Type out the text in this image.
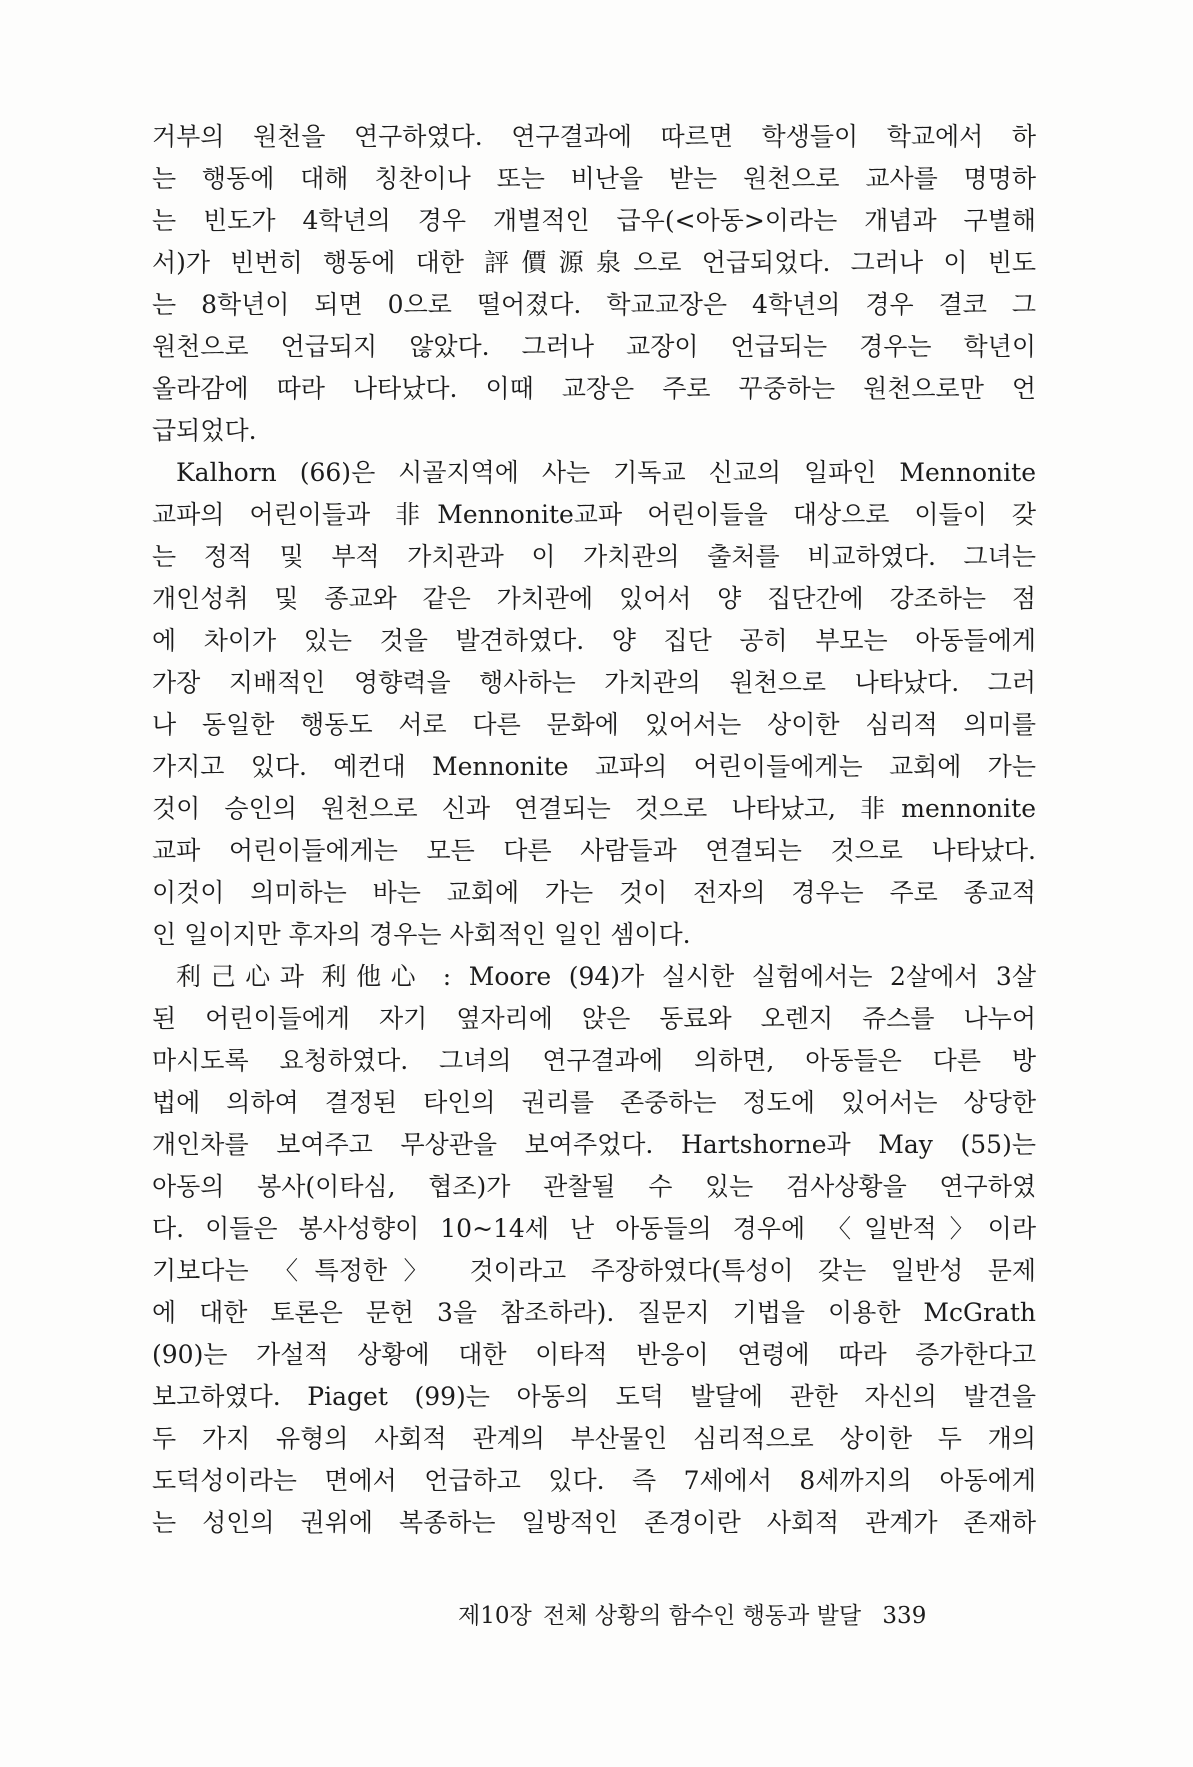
거부의 원천을 연구하였다. 연구결과에 따르면 학생들이 학교에서 하
는 행동에 대해 칭찬이나 또는 비난을 받는 원천으로 교사를 명명하
는 빈도가 4학년의 경우 개별적인 급우(<아동>이라는 개념과 구별해
서)가 빈번히 행동에 대한 評價源泉으로 언급되었다. 그러나 이 빈도
는 8학년이 되면 0으로 떨어졌다. 학교교장은 4학년의 경우 결코 그
원천으로 언급되지 않았다. 그러나 교장이 언급되는 경우는 학년이
올라감에 따라 나타났다. 이때 교장은 주로 꾸중하는 원천으로만 언
급되었다.
Kalhorn (66)은 시골지역에 사는 기독교 신교의 일파인 Mennonite
교파의 어린이들과 非Mennonite교파 어린이들을 대상으로 이들이 갖
는 정적 및 부적 가치관과 이 가치관의 출처를 비교하였다. 그녀는
개인성취 및 종교와 같은 가치관에 있어서 양 집단간에 강조하는 점
에 차이가 있는 것을 발견하였다. 양 집단 공히 부모는 아동들에게
가장 지배적인 영향력을 행사하는 가치관의 원천으로 나타났다. 그러
나 동일한 행동도 서로 다른 문화에 있어서는 상이한 심리적 의미를
가지고 있다. 예컨대 Mennonite 교파의 어린이들에게는 교회에 가는
것이 승인의 원천으로 신과 연결되는 것으로 나타났고, 非mennonite
교파 어린이들에게는 모든 다른 사람들과 연결되는 것으로 나타났다.
이것이 의미하는 바는 교회에 가는 것이 전자의 경우는 주로 종교적
인 일이지만 후자의 경우는 사회적인 일인 셈이다.
利己心과 利他心 : Moore (94)가 실시한 실험에서는 2살에서 3살
된 어린이들에게 자기 옆자리에 앉은 동료와 오렌지 쥬스를 나누어
마시도록 요청하였다. 그녀의 연구결과에 의하면, 아동들은 다른 방
법에 의하여 결정된 타인의 권리를 존중하는 정도에 있어서는 상당한
개인차를 보여주고 무상관을 보여주었다. Hartshorne과 May (55)는
아동의 봉사(이타심, 협조)가 관찰될 수 있는 검사상황을 연구하였
다. 이들은 봉사성향이 10~14세 난 아동들의 경우에 〈일반적〉이라
기보다는 〈특정한〉 것이라고 주장하였다(특성이 갖는 일반성 문제
에 대한 토론은 문헌 3을 참조하라). 질문지 기법을 이용한 McGrath
(90)는 가설적 상황에 대한 이타적 반응이 연령에 따라 증가한다고
보고하였다. Piaget (99)는 아동의 도덕 발달에 관한 자신의 발견을
두 가지 유형의 사회적 관계의 부산물인 심리적으로 상이한 두 개의
도덕성이라는 면에서 언급하고 있다. 즉 7세에서 8세까지의 아동에게
는 성인의 권위에 복종하는 일방적인 존경이란 사회적 관계가 존재하
제10장 전체 상황의 함수인 행동과 발달 339
